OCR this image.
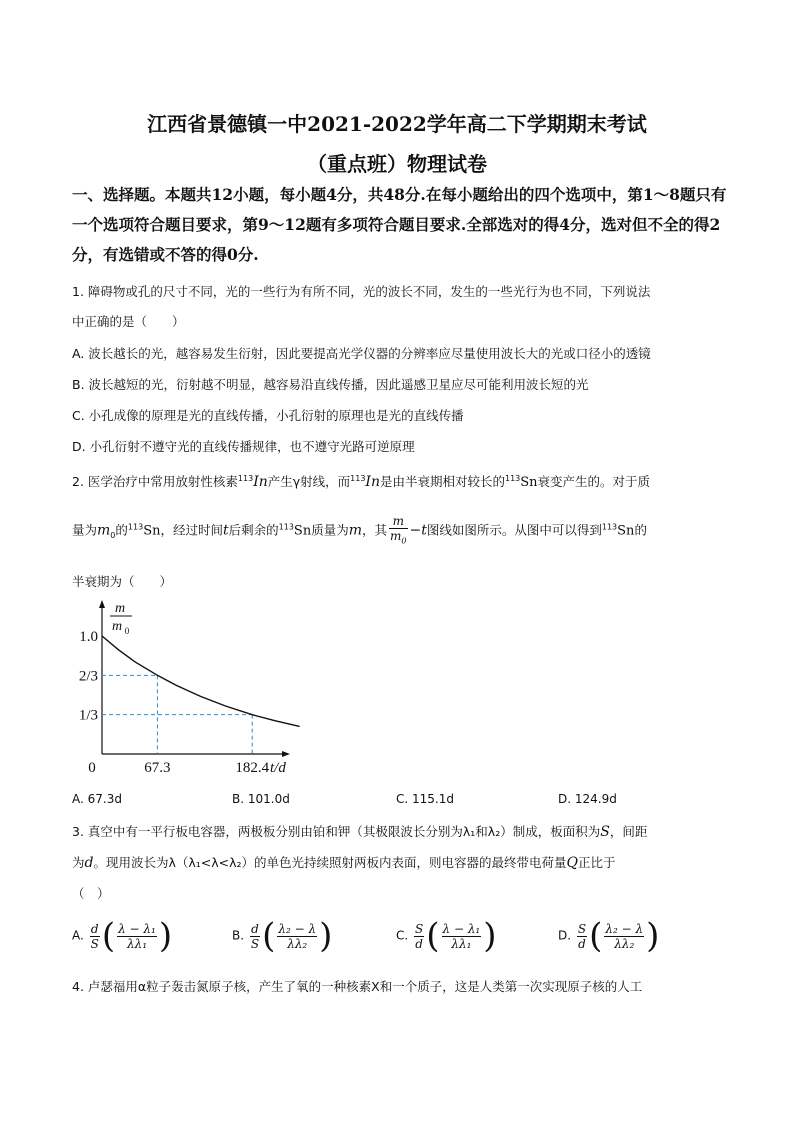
江西省景德镇一中2021-2022学年高二下学期期末考试
（重点班）物理试卷
一、选择题。本题共12小题，每小题4分，共48分.在每小题给出的四个选项中，第1～8题只有一个选项符合题目要求，第9～12题有多项符合题目要求.全部选对的得4分，选对但不全的得2分，有选错或不答的得0分.
1. 障碍物或孔的尺寸不同，光的一些行为有所不同，光的波长不同，发生的一些光行为也不同，下列说法
中正确的是（　　）
A. 波长越长的光，越容易发生衍射，因此要提高光学仪器的分辨率应尽量使用波长大的光或口径小的透镜
B. 波长越短的光，衍射越不明显，越容易沿直线传播，因此遥感卫星应尽可能利用波长短的光
C. 小孔成像的原理是光的直线传播，小孔衍射的原理也是光的直线传播
D. 小孔衍射不遵守光的直线传播规律，也不遵守光路可逆原理
2. 医学治疗中常用放射性核素$^{113}$In产生γ射线，而$^{113}$In是由半衰期相对较长的$^{113}$Sn衰变产生的。对于质
量为$m_0$的$^{113}$Sn，经过时间t后剩余的$^{113}$Sn质量为m，其 $\frac{m}{m_0} -t$图线如图所示。从图中可以得到$^{113}$Sn的
半衰期为（　　）
1.0
2/3
1/3
67.3	182.4
0	t/d
m
m 0
A. 67.3d	B. 101.0d	C. 115.1d	D. 124.9d
3. 真空中有一平行板电容器，两极板分别由铂和钾（其极限波长分别为λ₁和λ₂）制成，板面积为S，间距
为d。现用波长为λ（λ₁<λ<λ₂）的单色光持续照射两板内表面，则电容器的最终带电荷量Q正比于
（　）
A. $\frac{d}{S}$ ( $\frac{\text{λ − λ₁}}{\text{λλ₁}}$ )	B. $\frac{d}{S}$ ( $\frac{\text{λ₂ − λ}}{\text{λλ₂}}$ )	C. $\frac{S}{d}$ ( $\frac{\text{λ − λ₁}}{\text{λλ₁}}$ )	D. $\frac{S}{d}$ ( $\frac{\text{λ₂ − λ}}{\text{λλ₂}}$ )
4. 卢瑟福用α粒子轰击氮原子核，产生了氧的一种核素X和一个质子，这是人类第一次实现原子核的人工
